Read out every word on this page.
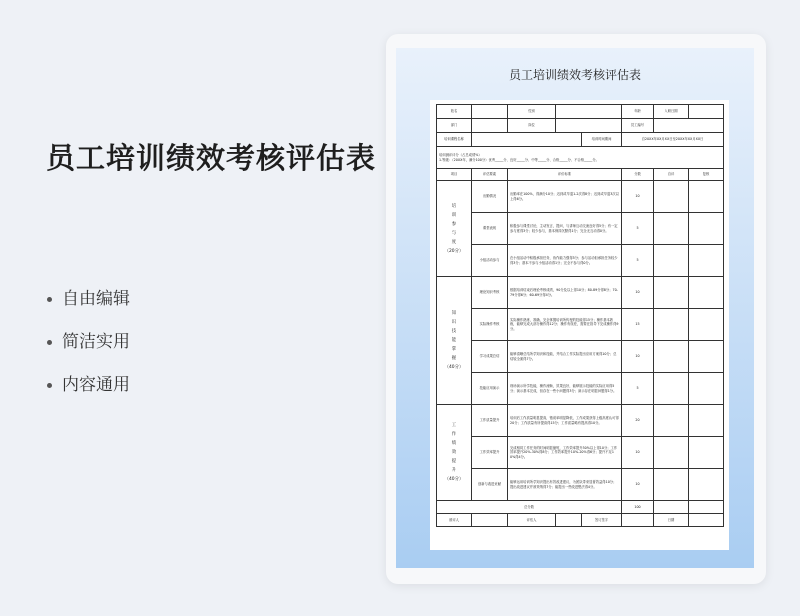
员工培训绩效考核评估表
自由编辑
简洁实用
内容通用
员工培训绩效考核评估表
姓名		性别			年龄	入职日期	
部门		岗位			员工编号		
培训课程名称				培训时间期间	自20XX年XX月XX日至20XX年XX月XX日		

培训测评评分（占总成绩%）
1.等级：（20XX年，满分100分）优秀_____分、良好_____分、中等_____分、合格_____分、不合格_____分。							

项目	评估要素	评价标准			分数	自评	复核

培训参与度
（20分）	出勤情况	出勤率在100%，得满分10分；迟到或早退1-2次得8分；迟到或早退3次以上得6分。			10		
	课堂表现	积极参与课堂讨论，主动发言，提问，与讲师互动交流良好得5分；有一定参与度得3分；较少参与，基本保持沉默得1分；完全无互动得0分。			5		
	小组活动参与	在小组活动中积极承担任务，协作能力强得5分；参与活动但承担任务较少得3分；基本不参与小组活动得1分；完全不参与得0分。			5		

知识技能掌握
（40分）	理论知识考核	根据培训结束后理论考核成绩，90分及以上得10分；80-89分得8分；70-79分得6分；60-69分得4分。			10		
	实际操作考核	实际操作熟练，准确，完全掌握培训所传授的技能得15分；操作基本熟练，能够完成大部分操作得12分；操作有误差，需要在指导下完成操作得9分。			15		
	学习成果总结	能够清晰总结所学知识和技能，并结合工作实际提出应用方案得10分；总结较全面得7分。			10		
	技能应用演示	现场演示所学技能，操作流畅，效果良好，能够展示技能的实际应用得5分；演示基本完成，但存在一些小问题得3分；演示存在明显问题得1分。			5		

工作绩效提升
（40分）	工作质量提升	培训后工作质量明显提高，错误率明显降低，工作成果获得上级高度认可得20分；工作质量有所提高得15分；工作质量略有提高得10分。			20		
	工作效率提升	完成相同工作任务的时间明显缩短，工作效率提升30%以上得10分；工作效率提升20%-30%得8分；工作效率提升10%-20%得6分；提升不足10%得4分。			10		
	创新与改进贡献	能够运用培训所学知识提出有效改进建议，为团队带来显著效益得10分；提出改进建议并被采纳得7分；能提出一些改进想法得4分。			10		
总分数					100		
被评人		评估人		签订签字		日期	
